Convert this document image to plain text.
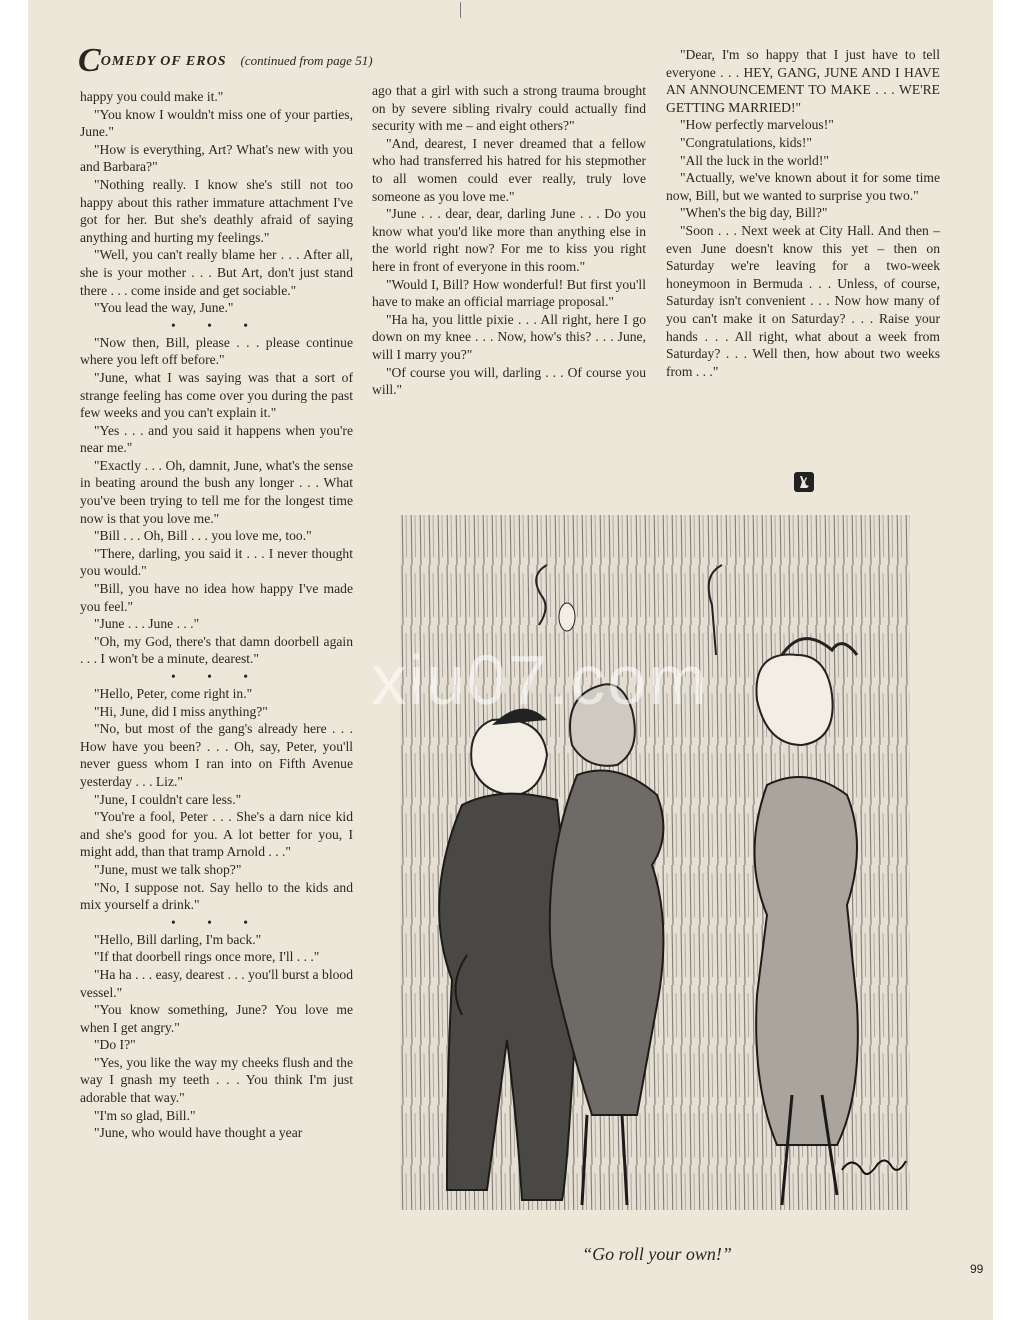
COMEDY OF EROS (continued from page 51)

happy you could make it."

"You know I wouldn't miss one of your parties, June."

"How is everything, Art? What's new with you and Barbara?"

"Nothing really. I know she's still not too happy about this rather immature attachment I've got for her. But she's deathly afraid of saying anything and hurting my feelings."

"Well, you can't really blame her . . . After all, she is your mother . . . But Art, don't just stand there . . . come inside and get sociable."

"You lead the way, June."

• • •

"Now then, Bill, please . . . please continue where you left off before."

"June, what I was saying was that a sort of strange feeling has come over you during the past few weeks and you can't explain it."

"Yes . . . and you said it happens when you're near me."

"Exactly . . . Oh, damnit, June, what's the sense in beating around the bush any longer . . . What you've been trying to tell me for the longest time now is that you love me."

"Bill . . . Oh, Bill . . . you love me, too."

"There, darling, you said it . . . I never thought you would."

"Bill, you have no idea how happy I've made you feel."

"June . . . June . . ."

"Oh, my God, there's that damn doorbell again . . . I won't be a minute, dearest."

• • •

"Hello, Peter, come right in."

"Hi, June, did I miss anything?"

"No, but most of the gang's already here . . . How have you been? . . . Oh, say, Peter, you'll never guess whom I ran into on Fifth Avenue yesterday . . . Liz."

"June, I couldn't care less."

"You're a fool, Peter . . . She's a darn nice kid and she's good for you. A lot better for you, I might add, than that tramp Arnold . . ."

"June, must we talk shop?"

"No, I suppose not. Say hello to the kids and mix yourself a drink."

• • •

"Hello, Bill darling, I'm back."

"If that doorbell rings once more, I'll . . ."

"Ha ha . . . easy, dearest . . . you'll burst a blood vessel."

"You know something, June? You love me when I get angry."

"Do I?"

"Yes, you like the way my cheeks flush and the way I gnash my teeth . . . You think I'm just adorable that way."

"I'm so glad, Bill."

"June, who would have thought a year

ago that a girl with such a strong trauma brought on by severe sibling rivalry could actually find security with me – and eight others?"

"And, dearest, I never dreamed that a fellow who had transferred his hatred for his stepmother to all women could ever really, truly love someone as you love me."

"June . . . dear, dear, darling June . . . Do you know what you'd like more than anything else in the world right now? For me to kiss you right here in front of everyone in this room."

"Would I, Bill? How wonderful! But first you'll have to make an official marriage proposal."

"Ha ha, you little pixie . . . All right, here I go down on my knee . . . Now, how's this? . . . June, will I marry you?"

"Of course you will, darling . . . Of course you will."

"Dear, I'm so happy that I just have to tell everyone . . . HEY, GANG, JUNE AND I HAVE AN ANNOUNCEMENT TO MAKE . . . WE'RE GETTING MARRIED!"

"How perfectly marvelous!"

"Congratulations, kids!"

"All the luck in the world!"

"Actually, we've known about it for some time now, Bill, but we wanted to surprise you two."

"When's the big day, Bill?"

"Soon . . . Next week at City Hall. And then – even June doesn't know this yet – then on Saturday we're leaving for a two-week honeymoon in Bermuda . . . Unless, of course, Saturday isn't convenient . . . Now how many of you can't make it on Saturday? . . . Raise your hands . . . All right, what about a week from Saturday? . . . Well then, how about two weeks from . . ."

xiu07.com
“Go roll your own!”
99
